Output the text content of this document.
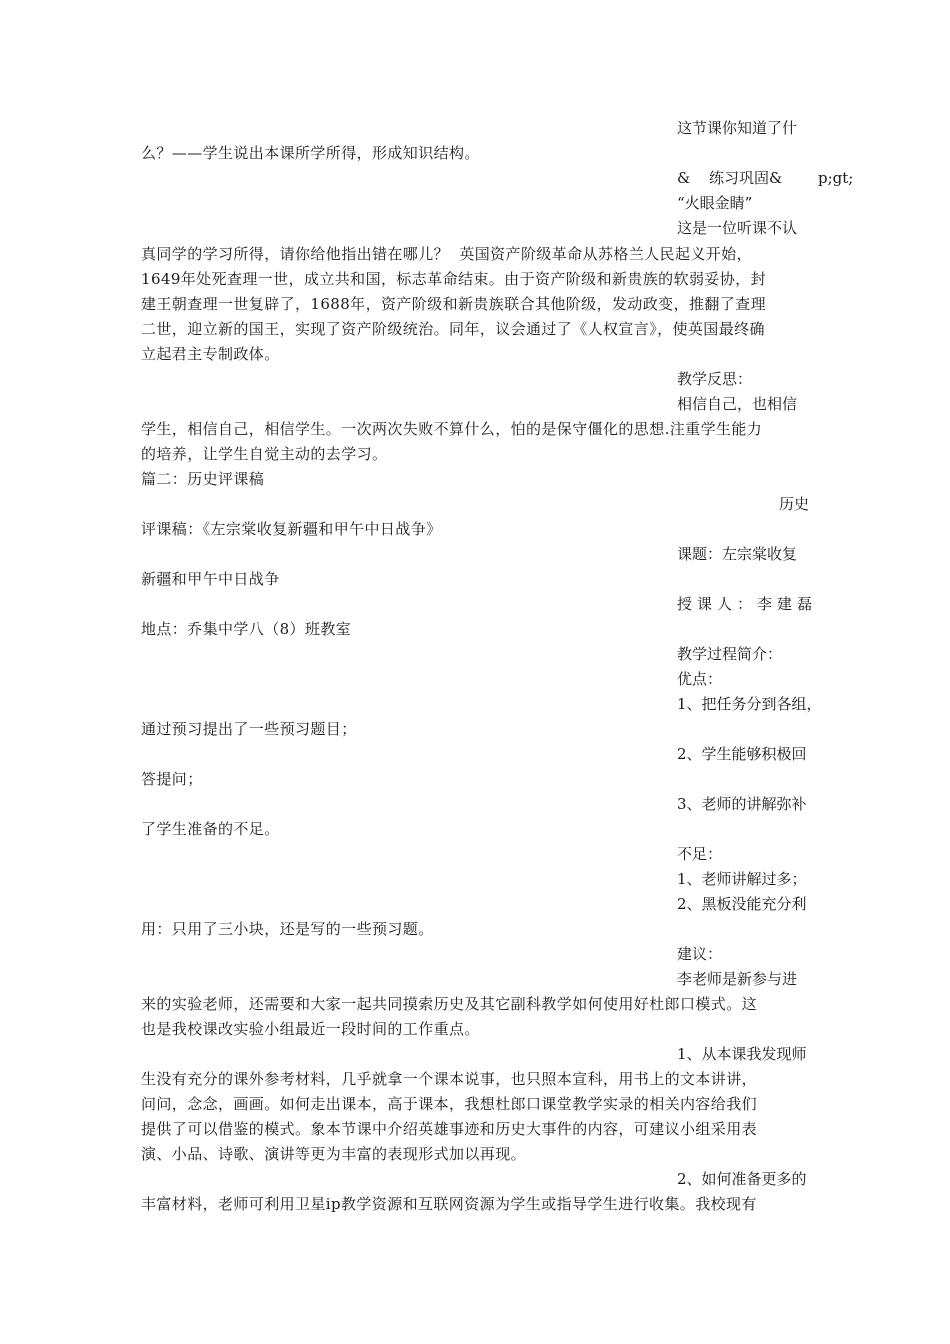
这节课你知道了什

么？——学生说出本课所学所得，形成知识结构。

& 练习巩固& p;gt;

“火眼金睛”

这是一位听课不认

真同学的学习所得，请你给他指出错在哪儿？  英国资产阶级革命从苏格兰人民起义开始，

1649年处死查理一世，成立共和国，标志革命结束。由于资产阶级和新贵族的软弱妥协，封

建王朝查理一世复辟了，1688年，资产阶级和新贵族联合其他阶级，发动政变，推翻了查理

二世，迎立新的国王，实现了资产阶级统治。同年，议会通过了《人权宣言》，使英国最终确

立起君主专制政体。

教学反思：

相信自己，也相信

学生，相信自己，相信学生。一次两次失败不算什么，怕的是保守僵化的思想.注重学生能力

的培养，让学生自觉主动的去学习。

篇二：历史评课稿

历史

评课稿：《左宗棠收复新疆和甲午中日战争》

课题：左宗棠收复

新疆和甲午中日战争

授课人：李建磊

地点：乔集中学八（8）班教室

教学过程简介：

优点：

1、把任务分到各组，

通过预习提出了一些预习题目；

2、学生能够积极回

答提问；

3、老师的讲解弥补

了学生准备的不足。

不足：

1、老师讲解过多；

2、黑板没能充分利

用：只用了三小块，还是写的一些预习题。

建议：

李老师是新参与进

来的实验老师，还需要和大家一起共同摸索历史及其它副科教学如何使用好杜郎口模式。这

也是我校课改实验小组最近一段时间的工作重点。

1、从本课我发现师

生没有充分的课外参考材料，几乎就拿一个课本说事，也只照本宣科，用书上的文本讲讲，

问问，念念，画画。如何走出课本，高于课本，我想杜郎口课堂教学实录的相关内容给我们

提供了可以借鉴的模式。象本节课中介绍英雄事迹和历史大事件的内容，可建议小组采用表

演、小品、诗歌、演讲等更为丰富的表现形式加以再现。

2、如何准备更多的

丰富材料，老师可利用卫星ip教学资源和互联网资源为学生或指导学生进行收集。我校现有
